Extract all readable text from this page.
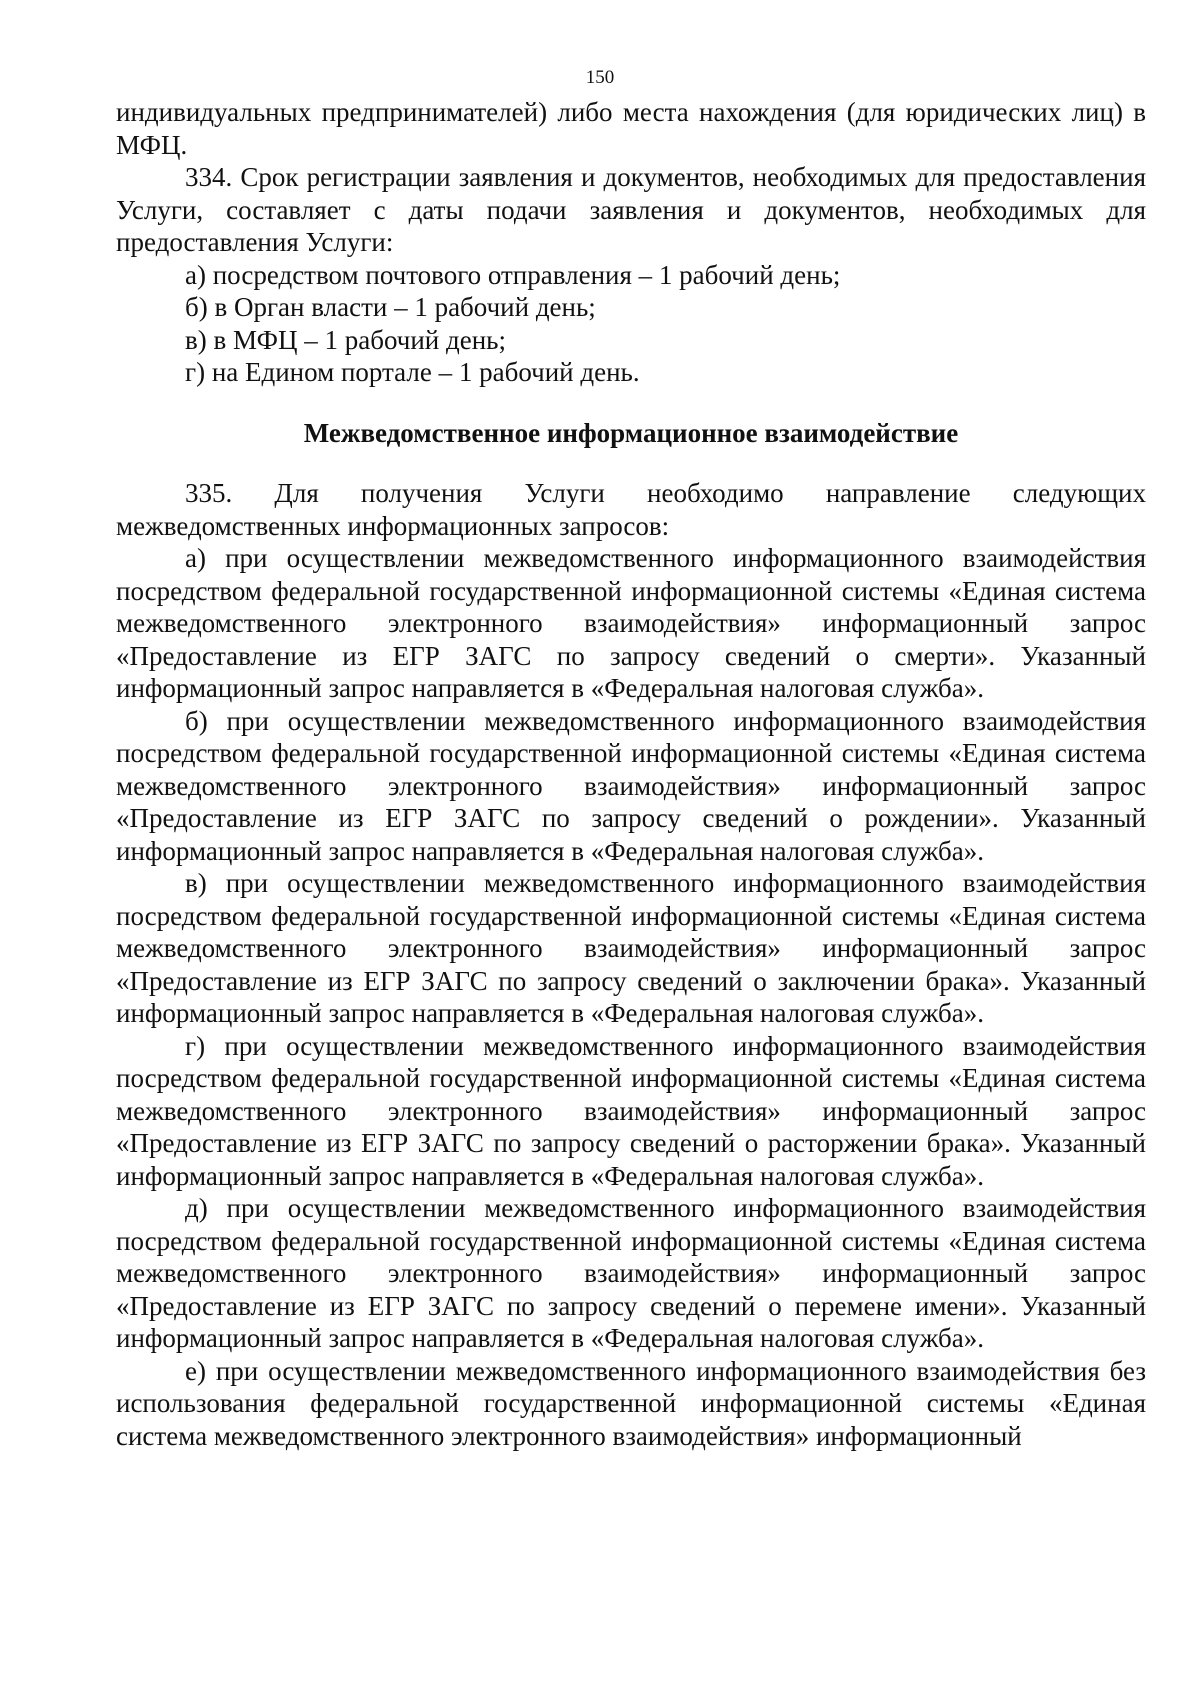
150

индивидуальных предпринимателей) либо места нахождения (для юридических лиц) в МФЦ.

334. Срок регистрации заявления и документов, необходимых для предоставления Услуги, составляет с даты подачи заявления и документов, необходимых для предоставления Услуги:

а) посредством почтового отправления – 1 рабочий день;

б) в Орган власти – 1 рабочий день;

в) в МФЦ – 1 рабочий день;

г) на Едином портале – 1 рабочий день.

Межведомственное информационное взаимодействие

335. Для получения Услуги необходимо направление следующих межведомственных информационных запросов:

а) при осуществлении межведомственного информационного взаимодействия посредством федеральной государственной информационной системы «Единая система межведомственного электронного взаимодействия» информационный запрос «Предоставление из ЕГР ЗАГС по запросу сведений о смерти». Указанный информационный запрос направляется в «Федеральная налоговая служба».

б) при осуществлении межведомственного информационного взаимодействия посредством федеральной государственной информационной системы «Единая система межведомственного электронного взаимодействия» информационный запрос «Предоставление из ЕГР ЗАГС по запросу сведений о рождении». Указанный информационный запрос направляется в «Федеральная налоговая служба».

в) при осуществлении межведомственного информационного взаимодействия посредством федеральной государственной информационной системы «Единая система межведомственного электронного взаимодействия» информационный запрос «Предоставление из ЕГР ЗАГС по запросу сведений о заключении брака». Указанный информационный запрос направляется в «Федеральная налоговая служба».

г) при осуществлении межведомственного информационного взаимодействия посредством федеральной государственной информационной системы «Единая система межведомственного электронного взаимодействия» информационный запрос «Предоставление из ЕГР ЗАГС по запросу сведений о расторжении брака». Указанный информационный запрос направляется в «Федеральная налоговая служба».

д) при осуществлении межведомственного информационного взаимодействия посредством федеральной государственной информационной системы «Единая система межведомственного электронного взаимодействия» информационный запрос «Предоставление из ЕГР ЗАГС по запросу сведений о перемене имени». Указанный информационный запрос направляется в «Федеральная налоговая служба».

е) при осуществлении межведомственного информационного взаимодействия без использования федеральной государственной информационной системы «Единая система межведомственного электронного взаимодействия» информационный
